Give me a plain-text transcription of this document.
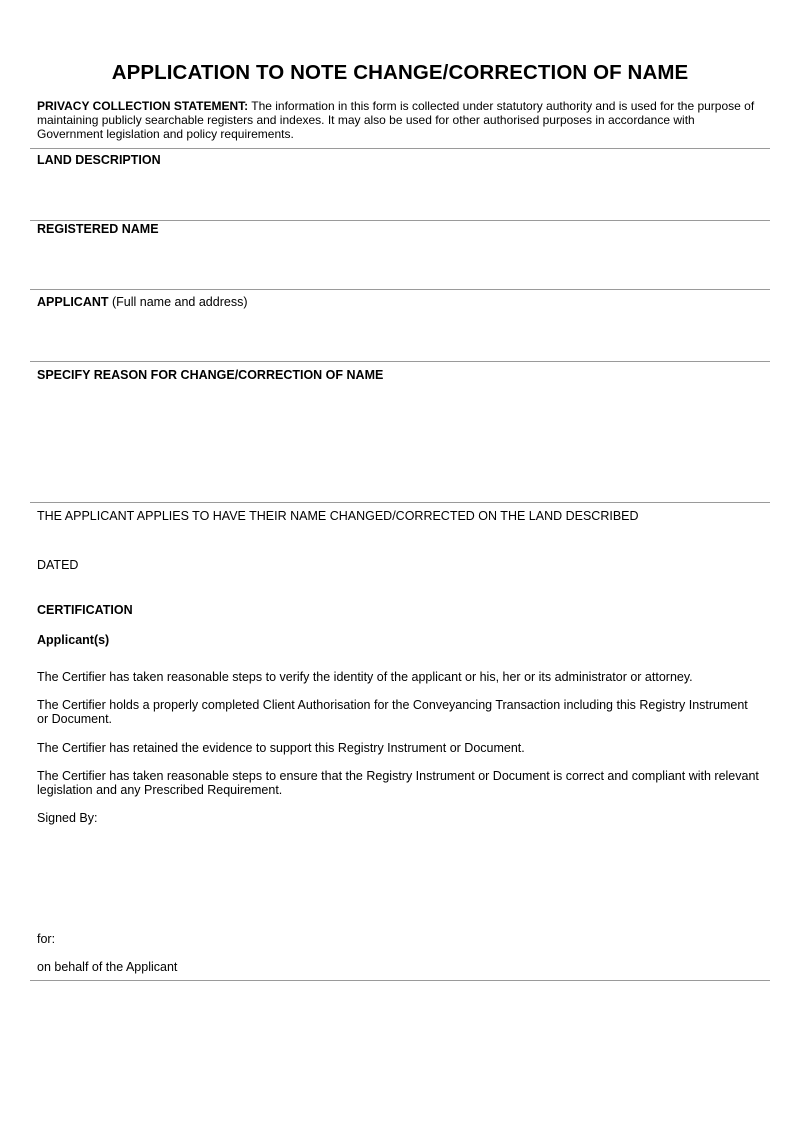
APPLICATION TO NOTE CHANGE/CORRECTION OF NAME
PRIVACY COLLECTION STATEMENT: The information in this form is collected under statutory authority and is used for the purpose of maintaining publicly searchable registers and indexes. It may also be used for other authorised purposes in accordance with Government legislation and policy requirements.
LAND DESCRIPTION
REGISTERED NAME
APPLICANT (Full name and address)
SPECIFY REASON FOR CHANGE/CORRECTION OF NAME
THE APPLICANT APPLIES TO HAVE THEIR NAME CHANGED/CORRECTED ON THE LAND DESCRIBED
DATED
CERTIFICATION
Applicant(s)
The Certifier has taken reasonable steps to verify the identity of the applicant or his, her or its administrator or attorney.
The Certifier holds a properly completed Client Authorisation for the Conveyancing Transaction including this Registry Instrument or Document.
The Certifier has retained the evidence to support this Registry Instrument or Document.
The Certifier has taken reasonable steps to ensure that the Registry Instrument or Document is correct and compliant with relevant legislation and any Prescribed Requirement.
Signed By:
for:
on behalf of the Applicant
